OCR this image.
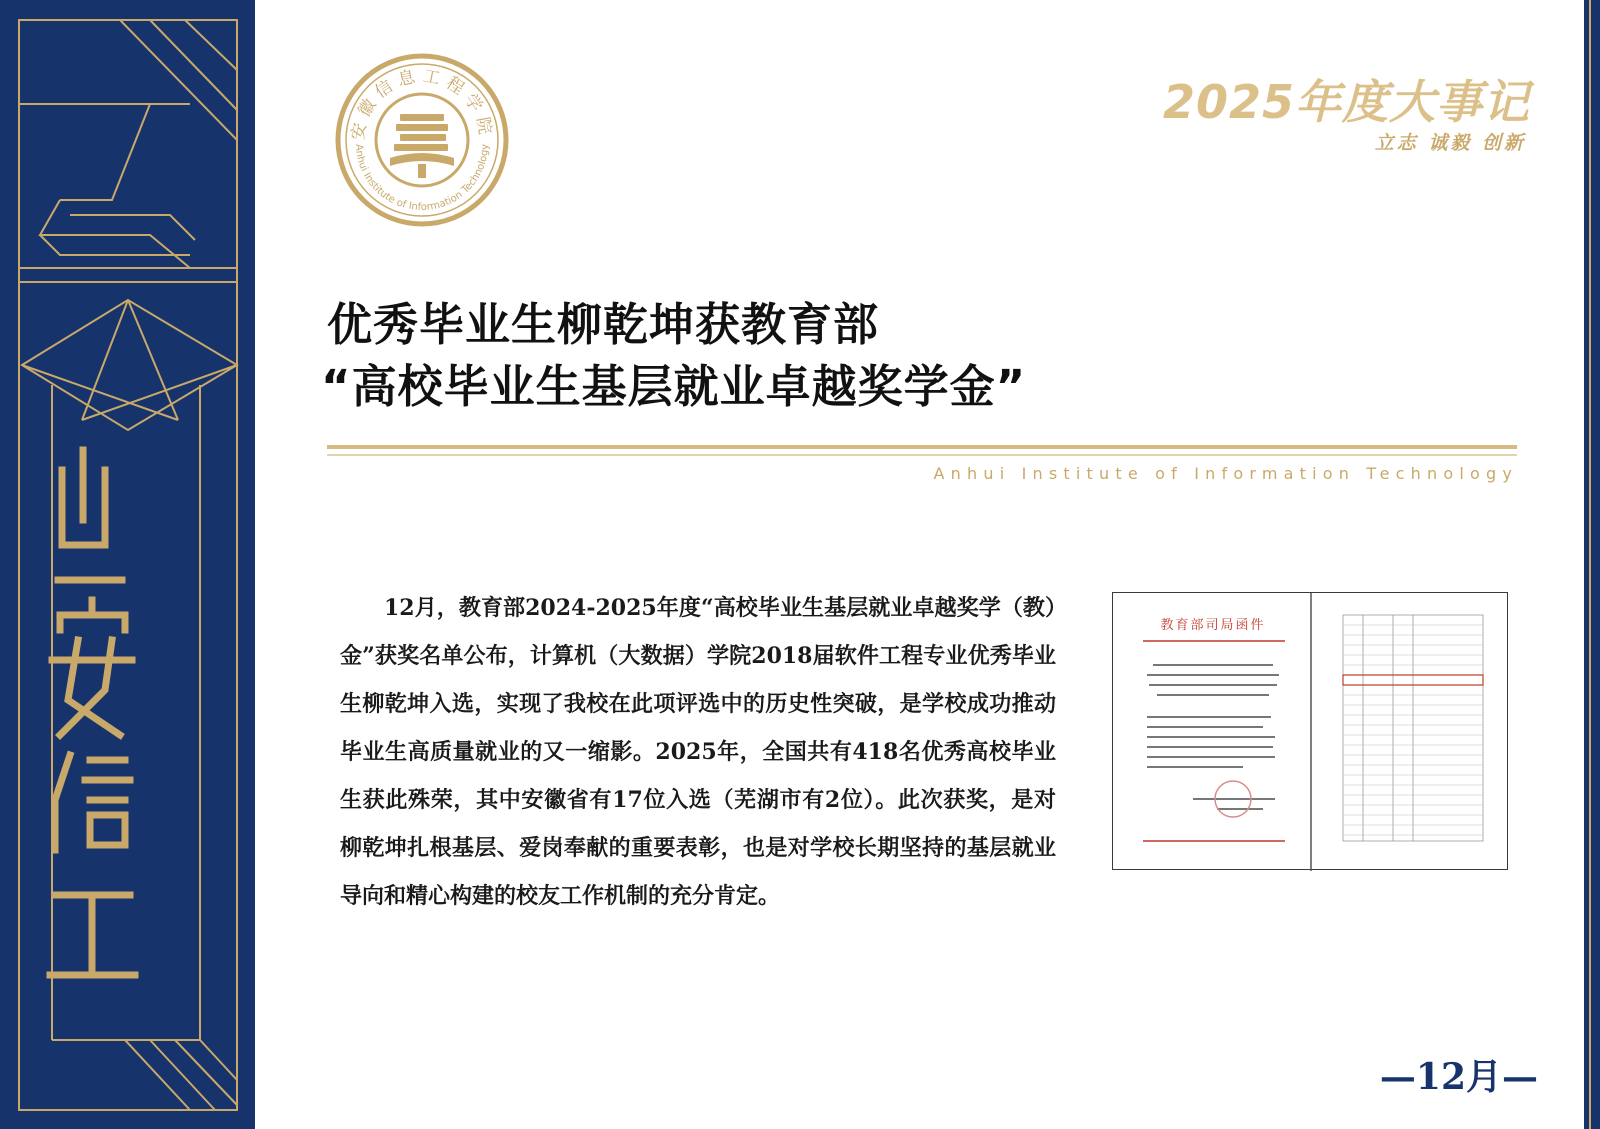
安徽信息工程学院
Anhui Institute of Information Technology
2025年度大事记

立志 诚毅 创新

优秀毕业生柳乾坤获教育部
“高校毕业生基层就业卓越奖学金”

Anhui Institute of Information Technology

12月，教育部2024-2025年度“高校毕业生基层就业卓越奖学（教）金”获奖名单公布，计算机（大数据）学院2018届软件工程专业优秀毕业生柳乾坤入选，实现了我校在此项评选中的历史性突破，是学校成功推动毕业生高质量就业的又一缩影。2025年，全国共有418名优秀高校毕业生获此殊荣，其中安徽省有17位入选（芜湖市有2位）。此次获奖，是对柳乾坤扎根基层、爱岗奉献的重要表彰，也是对学校长期坚持的基层就业导向和精心构建的校友工作机制的充分肯定。

教育部司局函件

—12月—
